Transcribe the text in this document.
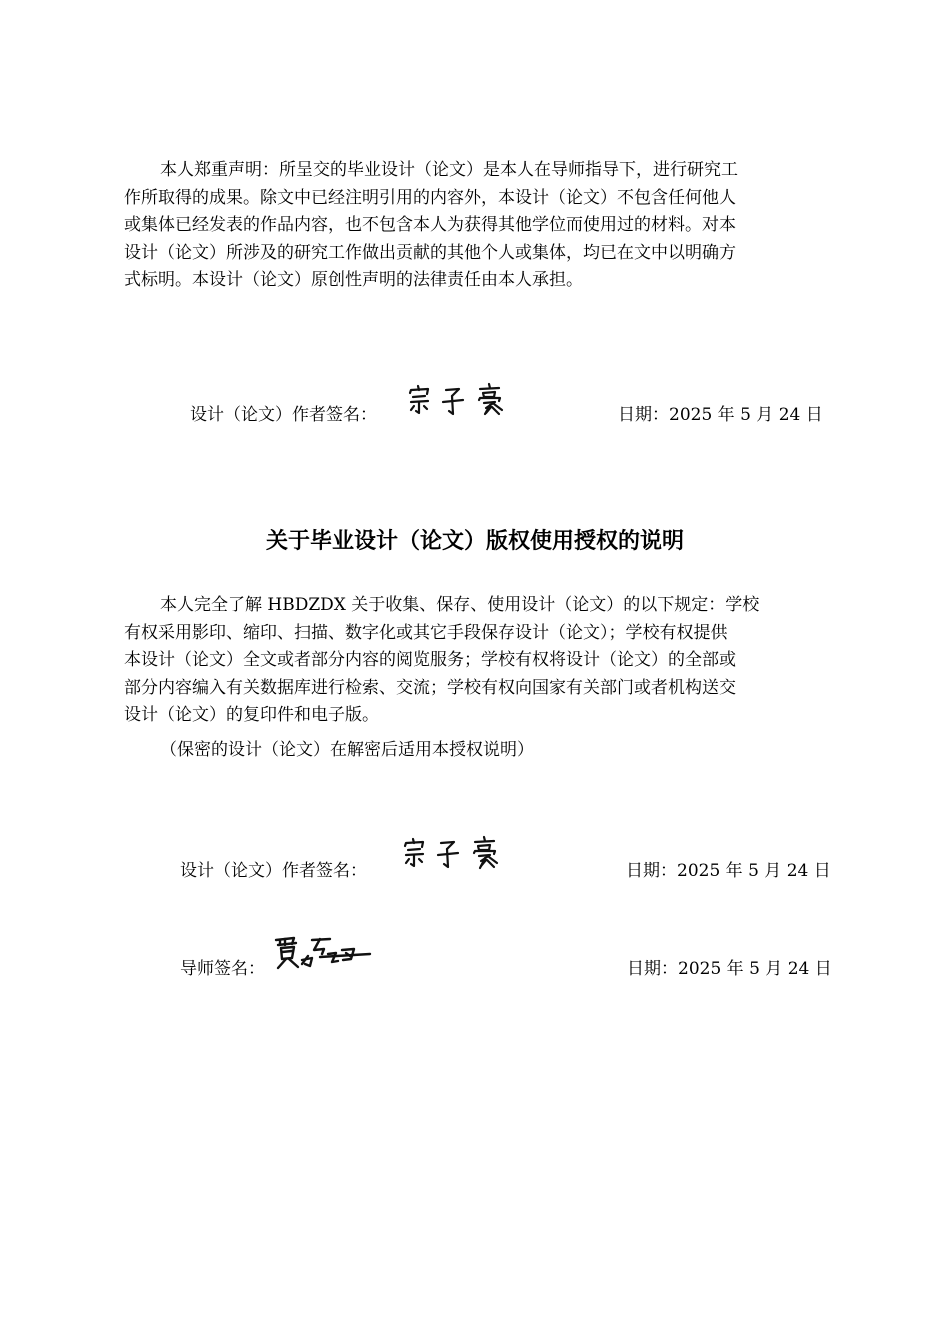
本人郑重声明：所呈交的毕业设计（论文）是本人在导师指导下，进行研究工
作所取得的成果。除文中已经注明引用的内容外，本设计（论文）不包含任何他人
或集体已经发表的作品内容，也不包含本人为获得其他学位而使用过的材料。对本
设计（论文）所涉及的研究工作做出贡献的其他个人或集体，均已在文中以明确方
式标明。本设计（论文）原创性声明的法律责任由本人承担。
设计（论文）作者签名：	日期：2025 年 5 月 24 日
关于毕业设计（论文）版权使用授权的说明
本人完全了解 HBDZDX 关于收集、保存、使用设计（论文）的以下规定：学校
有权采用影印、缩印、扫描、数字化或其它手段保存设计（论文）；学校有权提供
本设计（论文）全文或者部分内容的阅览服务；学校有权将设计（论文）的全部或
部分内容编入有关数据库进行检索、交流；学校有权向国家有关部门或者机构送交
设计（论文）的复印件和电子版。
（保密的设计（论文）在解密后适用本授权说明）
设计（论文）作者签名：	日期：2025 年 5 月 24 日
导师签名：	日期：2025 年 5 月 24 日
